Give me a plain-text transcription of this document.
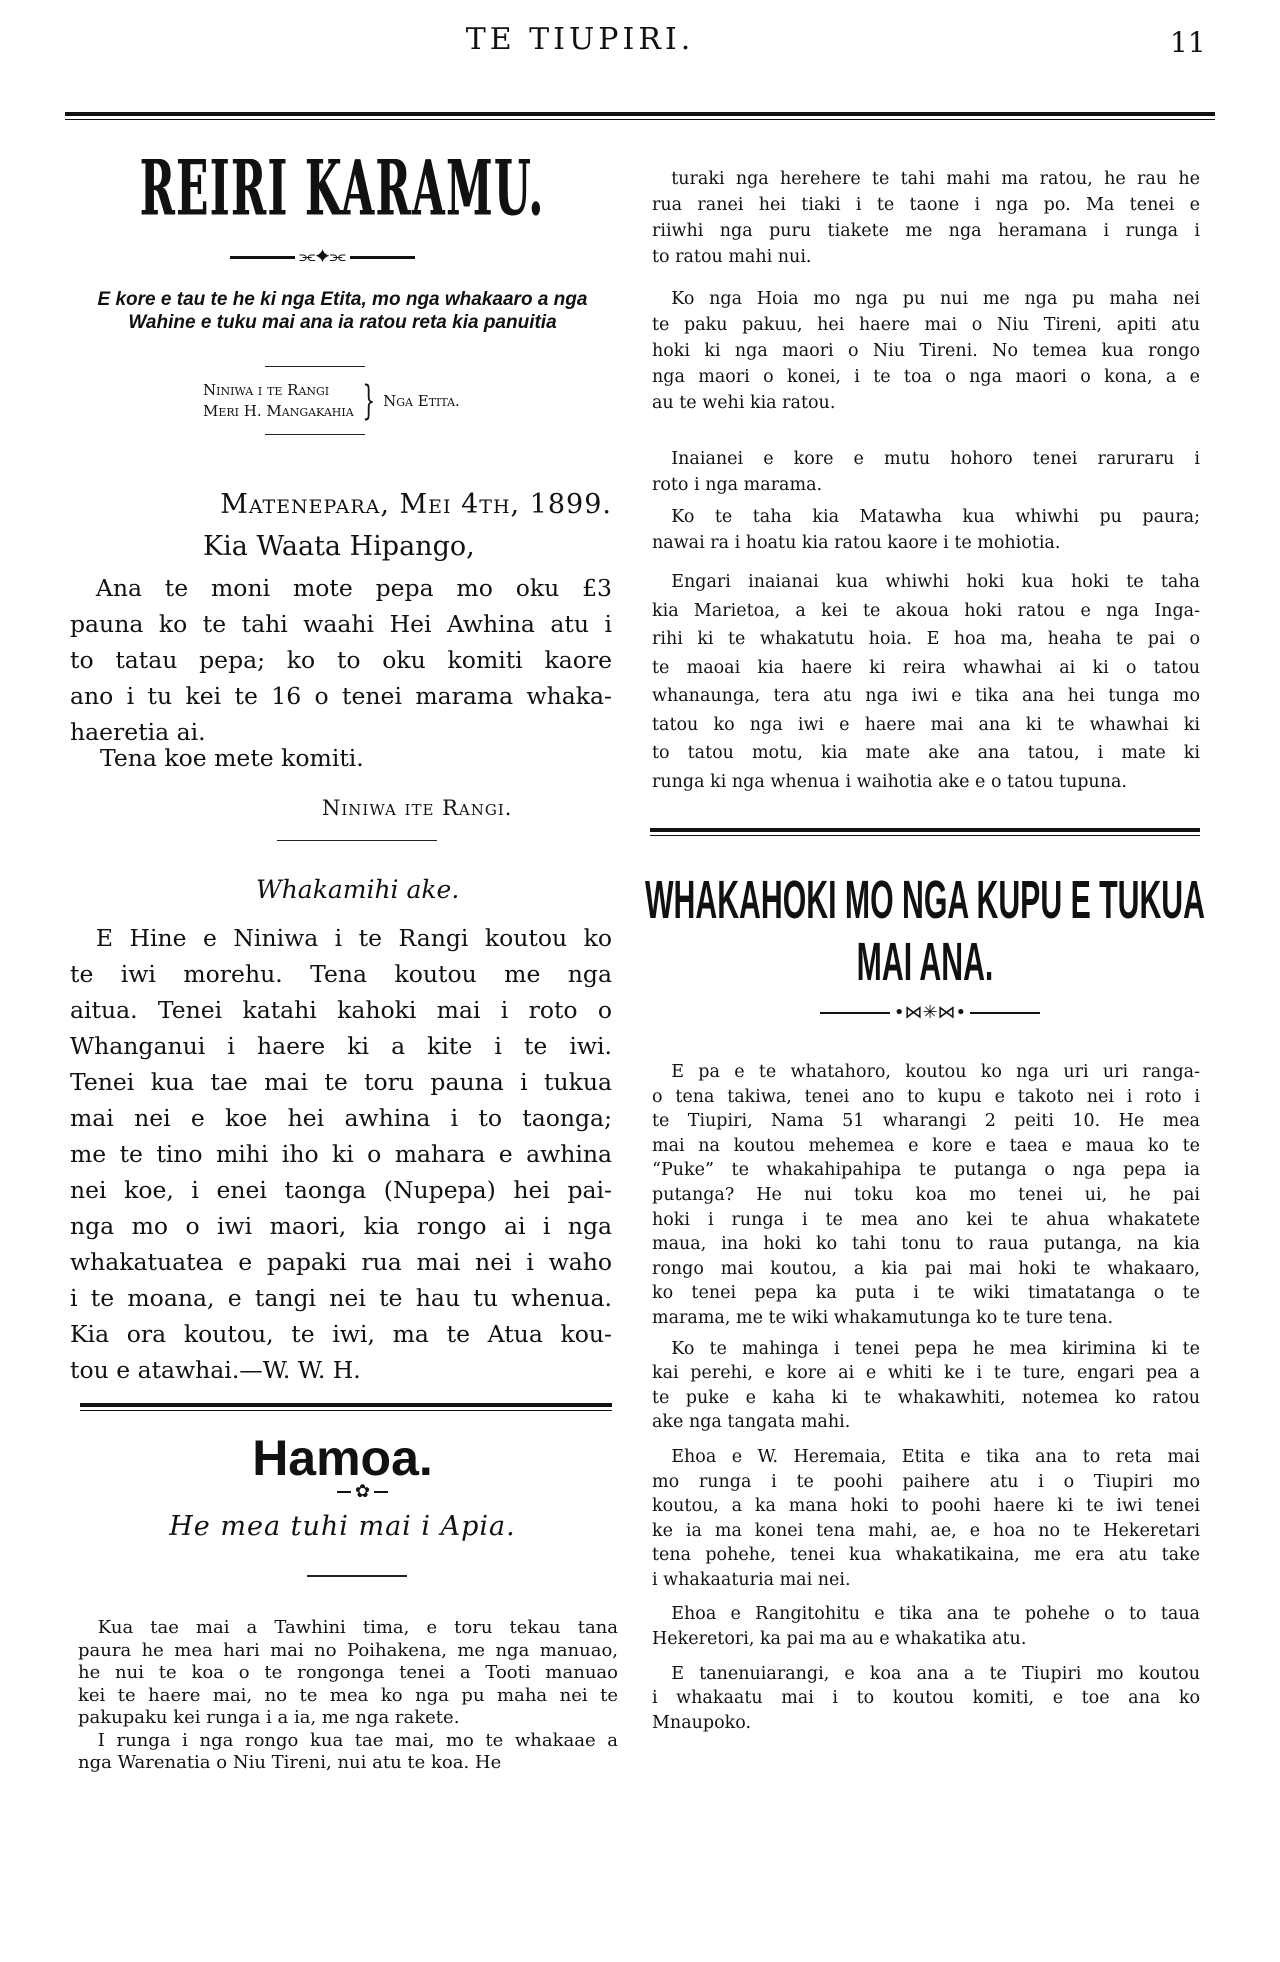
TE TIUPIRI.	11
REIRI KARAMU.
⫘✦⫘
E kore e tau te he ki nga Etita, mo nga whakaaro a nga
Wahine e tuku mai ana ia ratou reta kia panuitia
Niniwa i te Rangi
Meri H. Mangakahia } Nga Etita.
Matenepara, Mei 4th, 1899.
Kia Waata Hipango,
Ana te moni mote pepa mo oku £3
pauna ko te tahi waahi Hei Awhina atu i
to tatau pepa; ko to oku komiti kaore
ano i tu kei te 16 o tenei marama whaka-
haeretia ai.
Tena koe mete komiti.
Niniwa ite Rangi.
Whakamihi ake.
E Hine e Niniwa i te Rangi koutou ko
te iwi morehu. Tena koutou me nga
aitua. Tenei katahi kahoki mai i roto o
Whanganui i haere ki a kite i te iwi.
Tenei kua tae mai te toru pauna i tukua
mai nei e koe hei awhina i to taonga;
me te tino mihi iho ki o mahara e awhina
nei koe, i enei taonga (Nupepa) hei pai-
nga mo o iwi maori, kia rongo ai i nga
whakatuatea e papaki rua mai nei i waho
i te moana, e tangi nei te hau tu whenua.
Kia ora koutou, te iwi, ma te Atua kou-
tou e atawhai.—W. W. H.
Hamoa.
✿
He mea tuhi mai i Apia.
Kua tae mai a Tawhini tima, e toru tekau tana
paura he mea hari mai no Poihakena, me nga manuao,
he nui te koa o te rongonga tenei a Tooti manuao
kei te haere mai, no te mea ko nga pu maha nei te
pakupaku kei runga i a ia, me nga rakete.
I runga i nga rongo kua tae mai, mo te whakaae a
nga Warenatia o Niu Tireni, nui atu te koa. He
turaki nga herehere te tahi mahi ma ratou, he rau he
rua ranei hei tiaki i te taone i nga po. Ma tenei e
riiwhi nga puru tiakete me nga heramana i runga i
to ratou mahi nui.
Ko nga Hoia mo nga pu nui me nga pu maha nei
te paku pakuu, hei haere mai o Niu Tireni, apiti atu
hoki ki nga maori o Niu Tireni. No temea kua rongo
nga maori o konei, i te toa o nga maori o kona, a e
au te wehi kia ratou.
Inaianei e kore e mutu hohoro tenei raruraru i
roto i nga marama.
Ko te taha kia Matawha kua whiwhi pu paura;
nawai ra i hoatu kia ratou kaore i te mohiotia.
Engari inaianai kua whiwhi hoki kua hoki te taha
kia Marietoa, a kei te akoua hoki ratou e nga Inga-
rihi ki te whakatutu hoia. E hoa ma, heaha te pai o
te maoai kia haere ki reira whawhai ai ki o tatou
whanaunga, tera atu nga iwi e tika ana hei tunga mo
tatou ko nga iwi e haere mai ana ki te whawhai ki
to tatou motu, kia mate ake ana tatou, i mate ki
runga ki nga whenua i waihotia ake e o tatou tupuna.
WHAKAHOKI MO NGA KUPU E TUKUA
MAI ANA.
•⋈✳⋈•
E pa e te whatahoro, koutou ko nga uri uri ranga-
o tena takiwa, tenei ano to kupu e takoto nei i roto i
te Tiupiri, Nama 51 wharangi 2 peiti 10. He mea
mai na koutou mehemea e kore e taea e maua ko te
“Puke” te whakahipahipa te putanga o nga pepa ia
putanga? He nui toku koa mo tenei ui, he pai
hoki i runga i te mea ano kei te ahua whakatete
maua, ina hoki ko tahi tonu to raua putanga, na kia
rongo mai koutou, a kia pai mai hoki te whakaaro,
ko tenei pepa ka puta i te wiki timatatanga o te
marama, me te wiki whakamutunga ko te ture tena.
Ko te mahinga i tenei pepa he mea kirimina ki te
kai perehi, e kore ai e whiti ke i te ture, engari pea a
te puke e kaha ki te whakawhiti, notemea ko ratou
ake nga tangata mahi.
Ehoa e W. Heremaia, Etita e tika ana to reta mai
mo runga i te poohi paihere atu i o Tiupiri mo
koutou, a ka mana hoki to poohi haere ki te iwi tenei
ke ia ma konei tena mahi, ae, e hoa no te Hekeretari
tena pohehe, tenei kua whakatikaina, me era atu take
i whakaaturia mai nei.
Ehoa e Rangitohitu e tika ana te pohehe o to taua
Hekeretori, ka pai ma au e whakatika atu.
E tanenuiarangi, e koa ana a te Tiupiri mo koutou
i whakaatu mai i to koutou komiti, e toe ana ko
Mnaupoko.
